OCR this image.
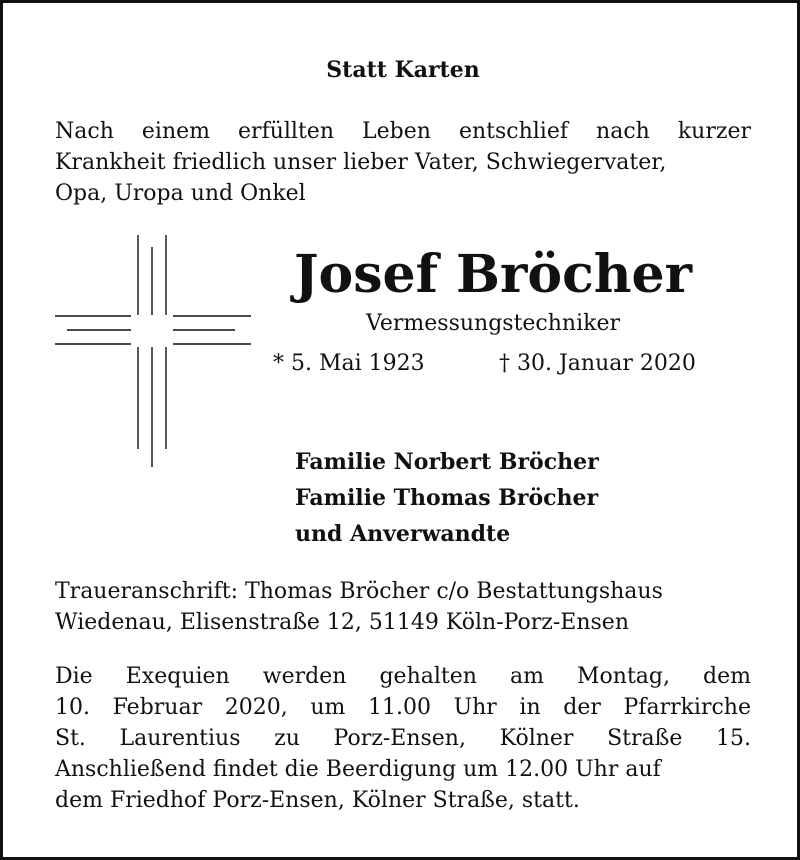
Statt Karten
Nach einem erfüllten Leben entschlief nach kurzer
Krankheit friedlich unser lieber Vater, Schwiegervater,
Opa, Uropa und Onkel
Josef Bröcher
Vermessungstechniker
* 5. Mai 1923	† 30. Januar 2020
Familie Norbert Bröcher
Familie Thomas Bröcher
und Anverwandte
Traueranschrift: Thomas Bröcher c/o Bestattungshaus
Wiedenau, Elisenstraße 12, 51149 Köln-Porz-Ensen
Die Exequien werden gehalten am Montag, dem
10. Februar 2020, um 11.00 Uhr in der Pfarrkirche
St. Laurentius zu Porz-Ensen, Kölner Straße 15.
Anschließend findet die Beerdigung um 12.00 Uhr auf
dem Friedhof Porz-Ensen, Kölner Straße, statt.
